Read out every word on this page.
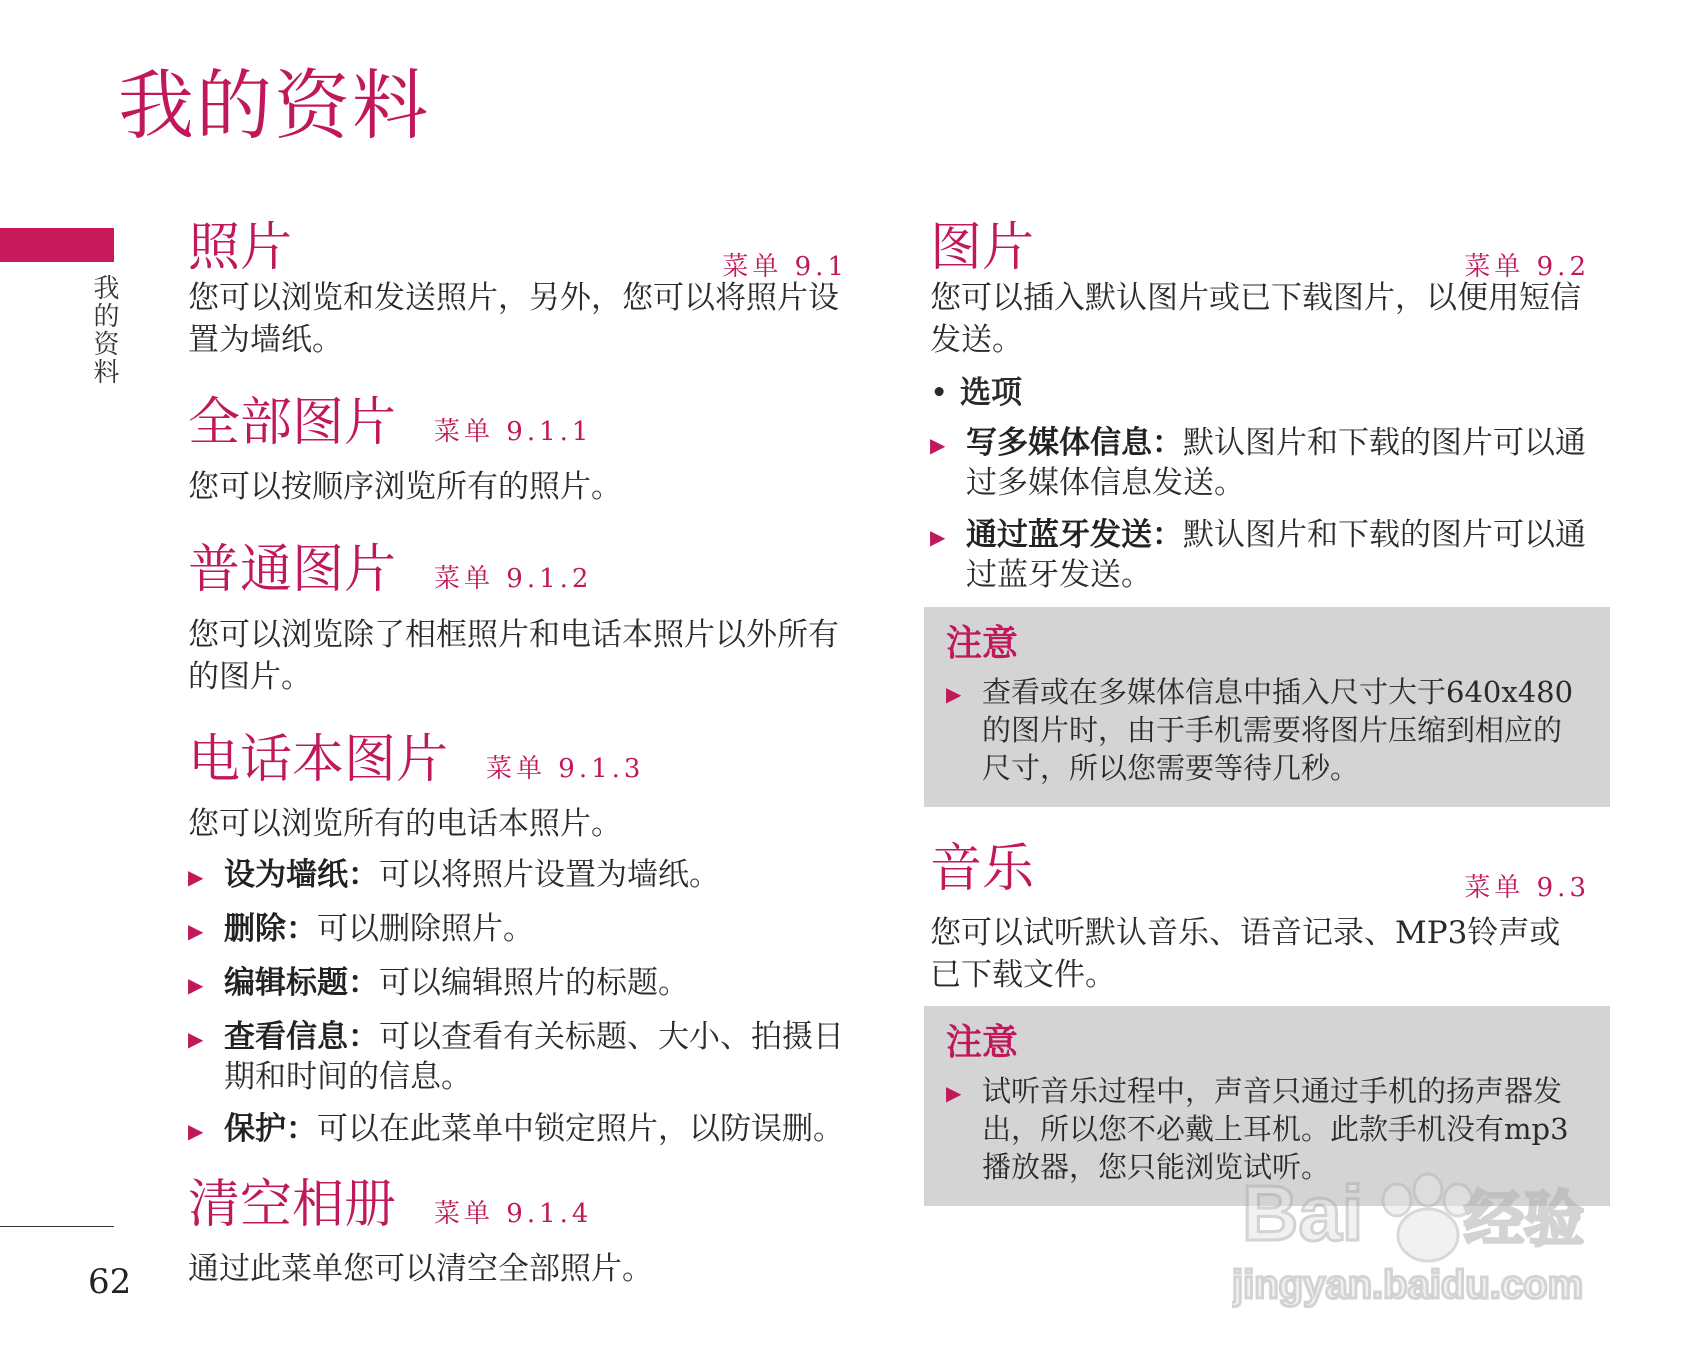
我的资料
我的资料
62
照片	菜单 9.1

您可以浏览和发送照片，另外，您可以将照片设置为墙纸。

全部图片 菜单 9.1.1

您可以按顺序浏览所有的照片。

普通图片 菜单 9.1.2

您可以浏览除了相框照片和电话本照片以外所有的图片。

电话本图片 菜单 9.1.3

您可以浏览所有的电话本照片。

▶ 设为墙纸：可以将照片设置为墙纸。
▶ 删除：可以删除照片。
▶ 编辑标题：可以编辑照片的标题。
▶ 查看信息：可以查看有关标题、大小、拍摄日期和时间的信息。
▶ 保护：可以在此菜单中锁定照片，以防误删。
清空相册 菜单 9.1.4

通过此菜单您可以清空全部照片。

图片	菜单 9.2

您可以插入默认图片或已下载图片，以便用短信发送。

• 选项
▶ 写多媒体信息：默认图片和下载的图片可以通过多媒体信息发送。
▶ 通过蓝牙发送：默认图片和下载的图片可以通过蓝牙发送。
注意
▶ 查看或在多媒体信息中插入尺寸大于640x480的图片时，由于手机需要将图片压缩到相应的尺寸，所以您需要等待几秒。
音乐	菜单 9.3

您可以试听默认音乐、语音记录、MP3铃声或已下载文件。

注意
▶ 试听音乐过程中，声音只通过手机的扬声器发出，所以您不必戴上耳机。此款手机没有mp3播放器，您只能浏览试听。
Bai 经验
jingyan.baidu.com
